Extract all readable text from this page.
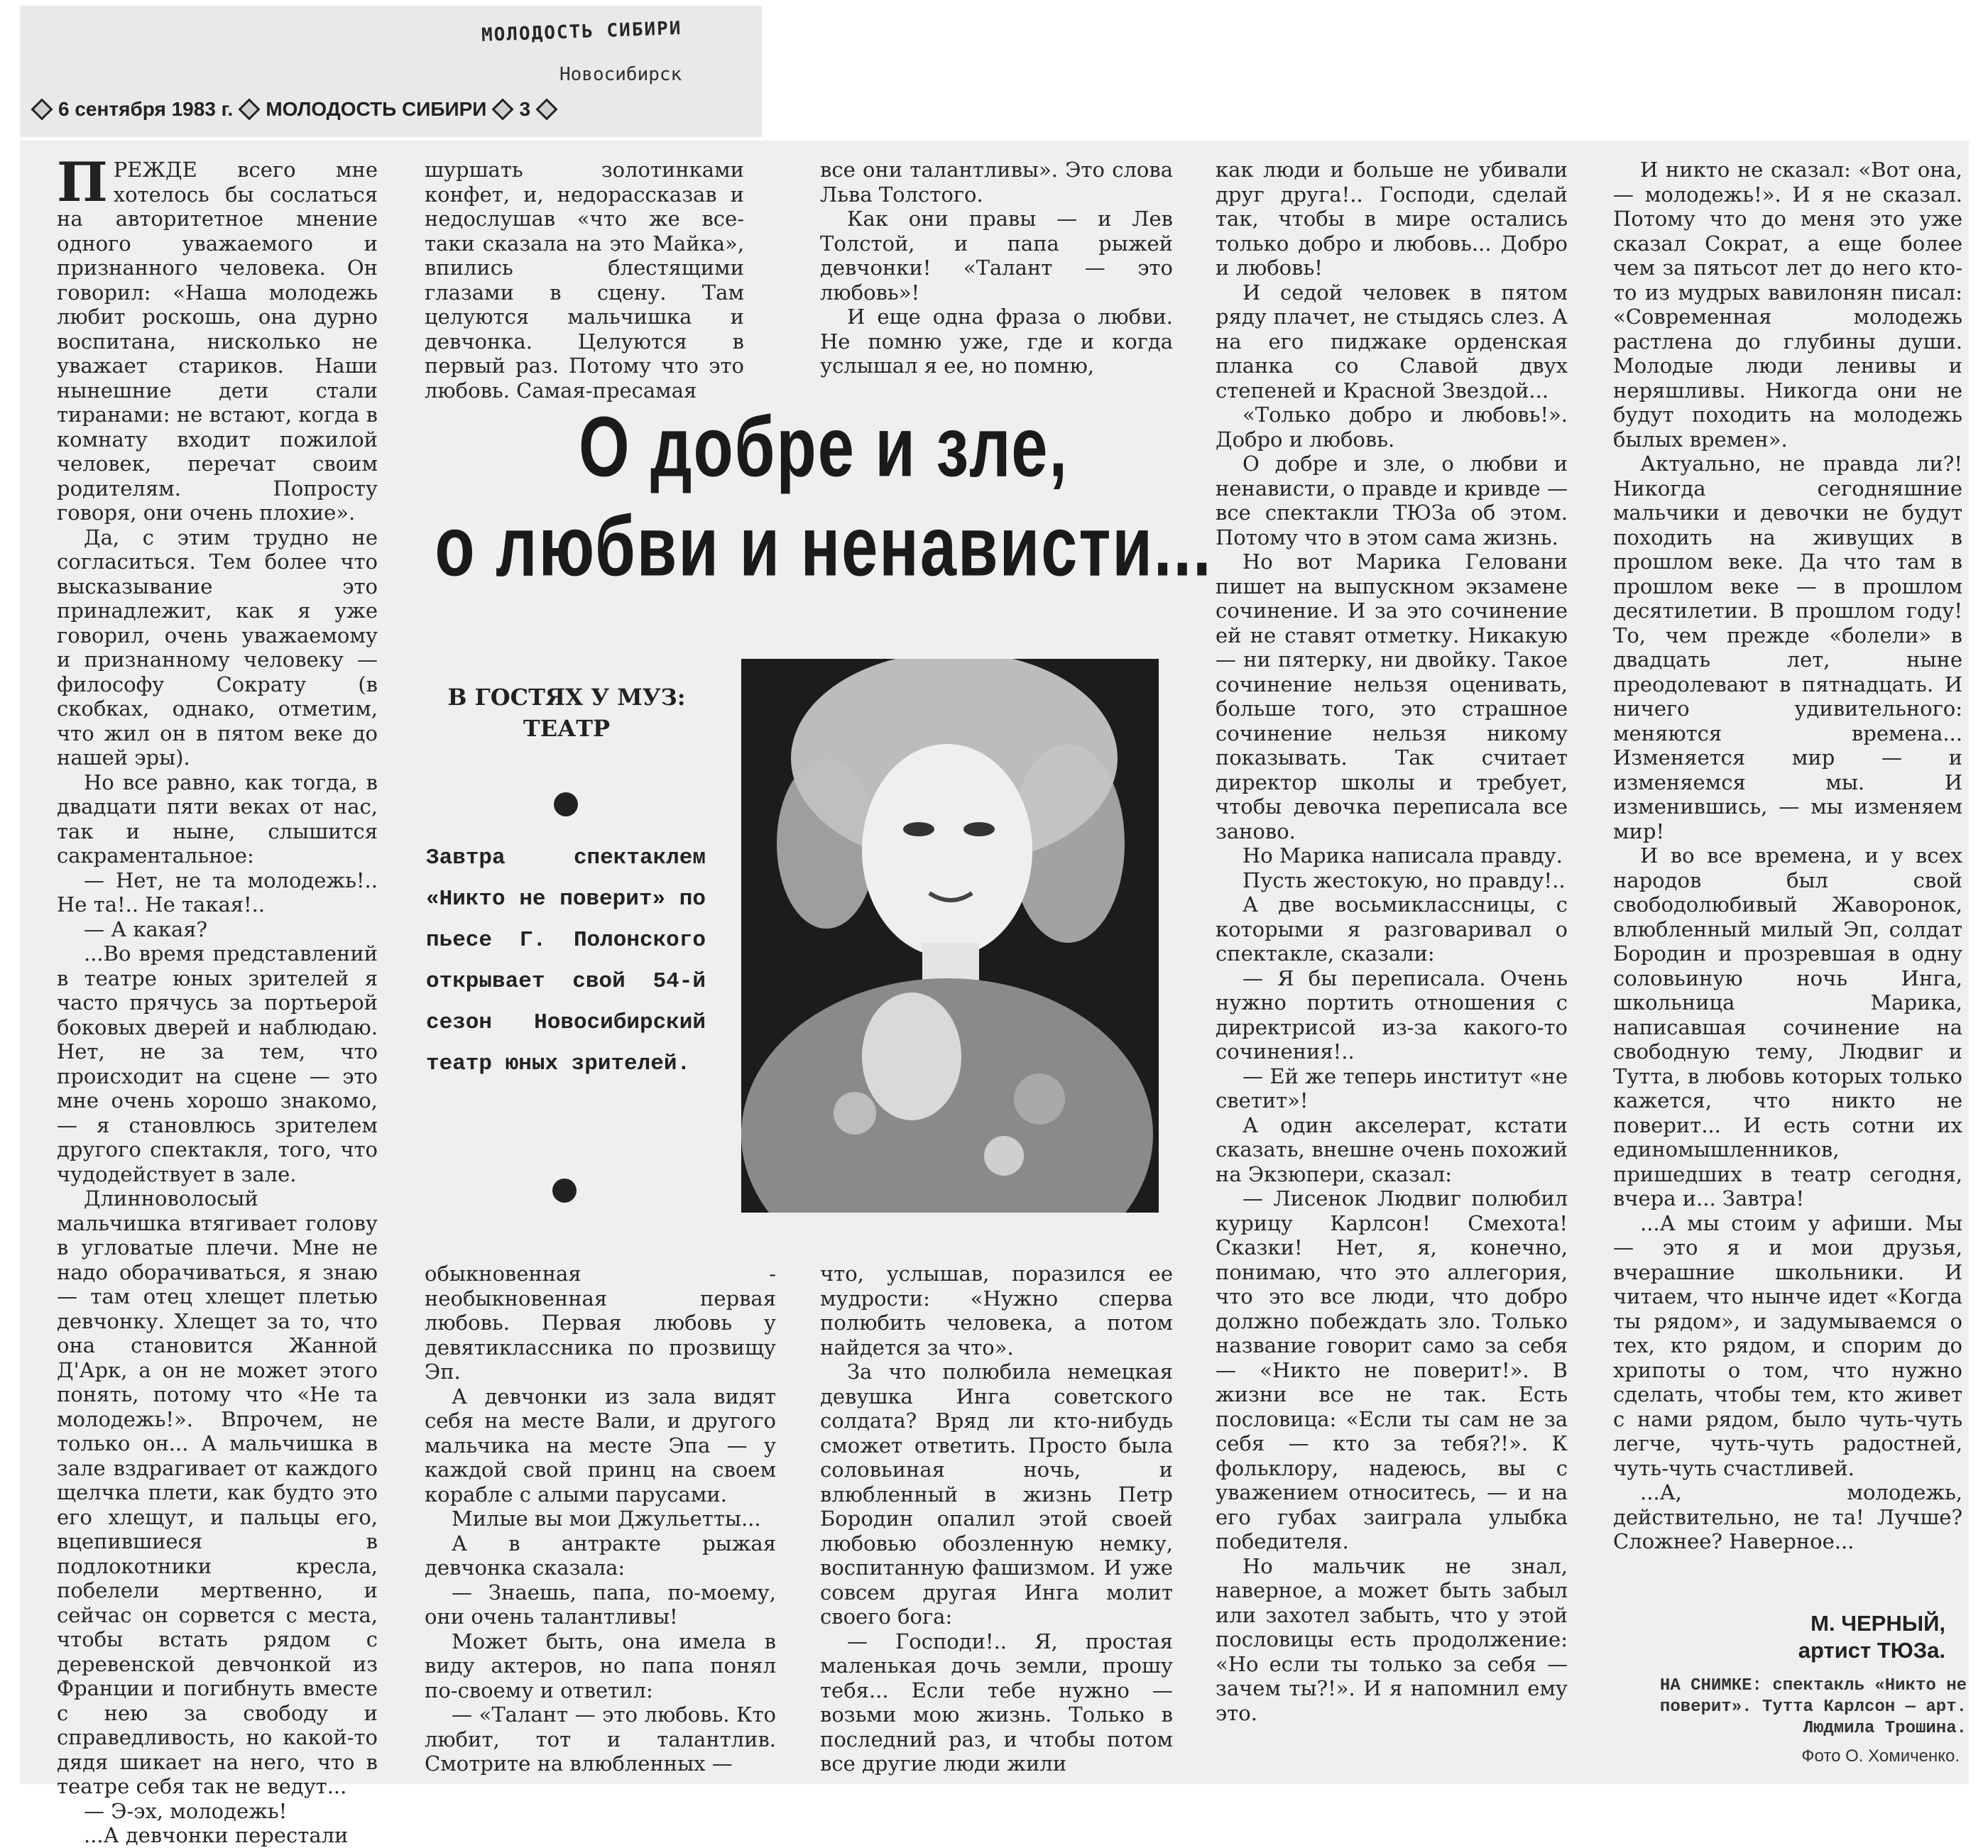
МОЛОДОСТЬ СИБИРИ
Новосибирск
6 сентября 1983 г. МОЛОДОСТЬ СИБИРИ 3

ПРЕЖДЕ всего мне хотелось бы сослаться на авторитетное мнение одного уважаемого и признанного человека. Он говорил: «Наша молодежь любит роскошь, она дурно воспитана, нисколько не уважает стариков. Наши нынешние дети стали тиранами: не встают, когда в комнату входит пожилой человек, перечат своим родителям. Попросту говоря, они очень плохие».

Да, с этим трудно не согласиться. Тем более что высказывание это принадлежит, как я уже говорил, очень уважаемому и признанному человеку — философу Сократу (в скобках, однако, отметим, что жил он в пятом веке до нашей эры).

Но все равно, как тогда, в двадцати пяти веках от нас, так и ныне, слышится сакраментальное:

— Нет, не та молодежь!.. Не та!.. Не такая!..

— А какая?

...Во время представлений в театре юных зрителей я часто прячусь за портьерой боковых дверей и наблюдаю. Нет, не за тем, что происходит на сцене — это мне очень хорошо знакомо, — я становлюсь зрителем другого спектакля, того, что чудодействует в зале.

Длинноволосый мальчишка втягивает голову в угловатые плечи. Мне не надо оборачиваться, я знаю — там отец хлещет плетью девчонку. Хлещет за то, что она становится Жанной Д'Арк, а он не может этого понять, потому что «Не та молодежь!». Впрочем, не только он... А мальчишка в зале вздрагивает от каждого щелчка плети, как будто это его хлещут, и пальцы его, вцепившиеся в подлокотники кресла, побелели мертвенно, и сейчас он сорвется с места, чтобы встать рядом с деревенской девчонкой из Франции и погибнуть вместе с нею за свободу и справедливость, но какой-то дядя шикает на него, что в театре себя так не ведут...

— Э-эх, молодежь!

...А девчонки перестали

шуршать золотинками конфет, и, недорассказав и недослушав «что же все-таки сказала на это Майка», впились блестящими глазами в сцену. Там целуются мальчишка и девчонка. Целуются в первый раз. Потому что это любовь. Самая-пресамая

все они талантливы». Это слова Льва Толстого.

Как они правы — и Лев Толстой, и папа рыжей девчонки! «Талант — это любовь»!

И еще одна фраза о любви. Не помню уже, где и когда услышал я ее, но помню,

О добре и зле,
о любви и ненависти...
В ГОСТЯХ У МУЗ: ТЕАТР
Завтра спектаклем «Никто не поверит» по пьесе Г. Полонского открывает свой 54-й сезон Новосибирский театр юных зрителей.

обыкновенная - необыкновенная первая любовь. Первая любовь у девятиклассника по прозвищу Эп.

А девчонки из зала видят себя на месте Вали, и другого мальчика на месте Эпа — у каждой свой принц на своем корабле с алыми парусами.

Милые вы мои Джульетты...

А в антракте рыжая девчонка сказала:

— Знаешь, папа, по-моему, они очень талантливы!

Может быть, она имела в виду актеров, но папа понял по-своему и ответил:

— «Талант — это любовь. Кто любит, тот и талантлив. Смотрите на влюбленных —

что, услышав, поразился ее мудрости: «Нужно сперва полюбить человека, а потом найдется за что».

За что полюбила немецкая девушка Инга советского солдата? Вряд ли кто-нибудь сможет ответить. Просто была соловьиная ночь, и влюбленный в жизнь Петр Бородин опалил этой своей любовью обозленную немку, воспитанную фашизмом. И уже совсем другая Инга молит своего бога:

— Господи!.. Я, простая маленькая дочь земли, прошу тебя... Если тебе нужно — возьми мою жизнь. Только в последний раз, и чтобы потом все другие люди жили

как люди и больше не убивали друг друга!.. Господи, сделай так, чтобы в мире остались только добро и любовь... Добро и любовь!

И седой человек в пятом ряду плачет, не стыдясь слез. А на его пиджаке орденская планка со Славой двух степеней и Красной Звездой...

«Только добро и любовь!». Добро и любовь.

О добре и зле, о любви и ненависти, о правде и кривде — все спектакли ТЮЗа об этом. Потому что в этом сама жизнь.

Но вот Марика Геловани пишет на выпускном экзамене сочинение. И за это сочинение ей не ставят отметку. Никакую — ни пятерку, ни двойку. Такое сочинение нельзя оценивать, больше того, это страшное сочинение нельзя никому показывать. Так считает директор школы и требует, чтобы девочка переписала все заново.

Но Марика написала правду.

Пусть жестокую, но правду!..

А две восьмиклассницы, с которыми я разговаривал о спектакле, сказали:

— Я бы переписала. Очень нужно портить отношения с директрисой из-за какого-то сочинения!..

— Ей же теперь институт «не светит»!

А один акселерат, кстати сказать, внешне очень похожий на Экзюпери, сказал:

— Лисенок Людвиг полюбил курицу Карлсон! Смехота! Сказки! Нет, я, конечно, понимаю, что это аллегория, что это все люди, что добро должно побеждать зло. Только название говорит само за себя — «Никто не поверит!». В жизни все не так. Есть пословица: «Если ты сам не за себя — кто за тебя?!». К фольклору, надеюсь, вы с уважением относитесь, — и на его губах заиграла улыбка победителя.

Но мальчик не знал, наверное, а может быть забыл или захотел забыть, что у этой пословицы есть продолжение: «Но если ты только за себя — зачем ты?!». И я напомнил ему это.

И никто не сказал: «Вот она, — молодежь!». И я не сказал. Потому что до меня это уже сказал Сократ, а еще более чем за пятьсот лет до него кто-то из мудрых вавилонян писал: «Современная молодежь растлена до глубины души. Молодые люди ленивы и неряшливы. Никогда они не будут походить на молодежь былых времен».

Актуально, не правда ли?! Никогда сегодняшние мальчики и девочки не будут походить на живущих в прошлом веке. Да что там в прошлом веке — в прошлом десятилетии. В прошлом году! То, чем прежде «болели» в двадцать лет, ныне преодолевают в пятнадцать. И ничего удивительного: меняются времена... Изменяется мир — и изменяемся мы. И изменившись, — мы изменяем мир!

И во все времена, и у всех народов был свой свободолюбивый Жаворонок, влюбленный милый Эп, солдат Бородин и прозревшая в одну соловьиную ночь Инга, школьница Марика, написавшая сочинение на свободную тему, Людвиг и Тутта, в любовь которых только кажется, что никто не поверит... И есть сотни их единомышленников, пришедших в театр сегодня, вчера и... Завтра!

...А мы стоим у афиши. Мы — это я и мои друзья, вчерашние школьники. И читаем, что нынче идет «Когда ты рядом», и задумываемся о тех, кто рядом, и спорим до хрипоты о том, что нужно сделать, чтобы тем, кто живет с нами рядом, было чуть-чуть легче, чуть-чуть радостней, чуть-чуть счастливей.

...А, молодежь, действительно, не та! Лучше? Сложнее? Наверное...

М. ЧЕРНЫЙ,
артист ТЮЗа.
НА СНИМКЕ: спектакль «Никто не поверит». Тутта Карлсон — арт. Людмила Трошина.
Фото О. Хомиченко.
